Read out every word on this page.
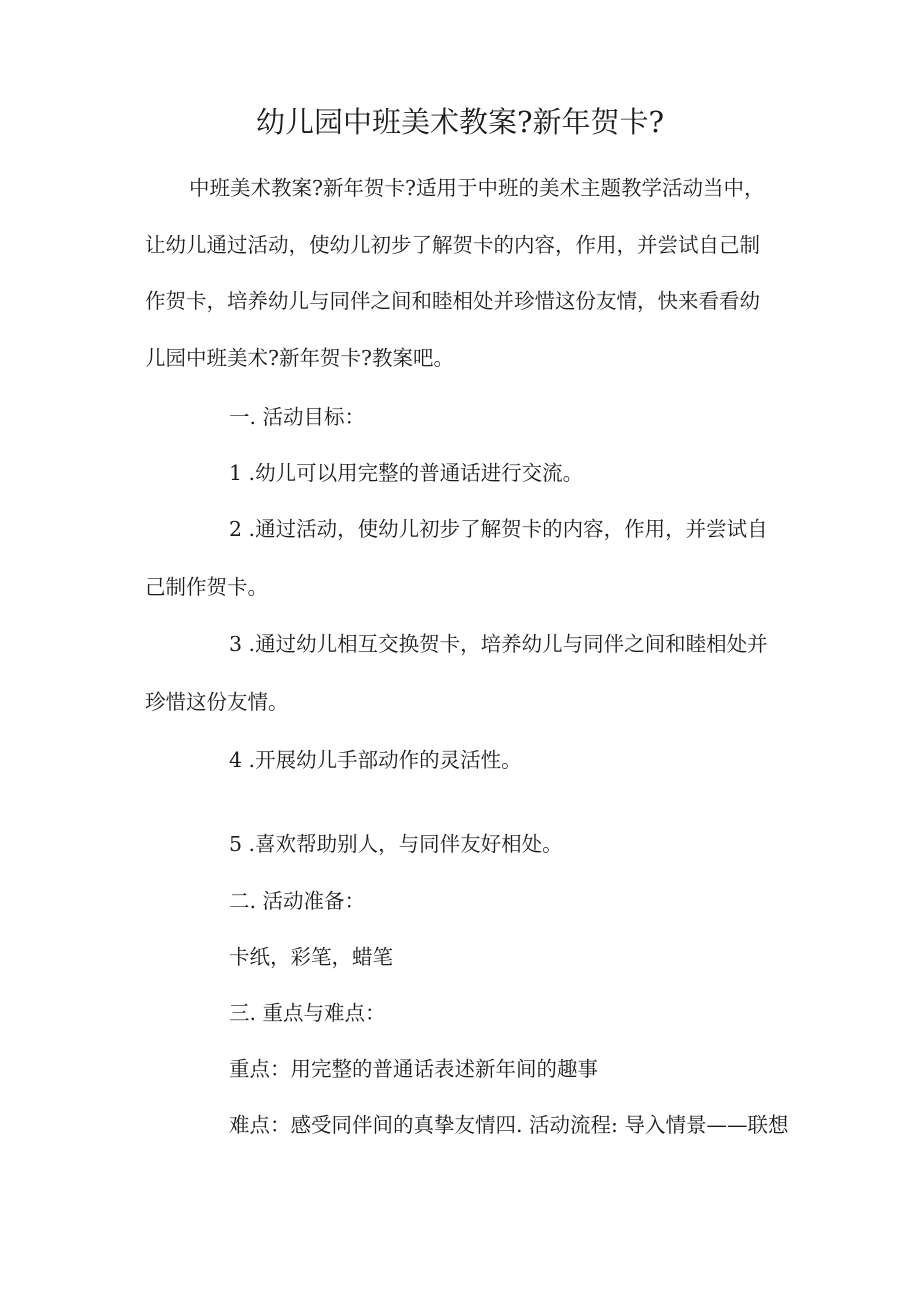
幼儿园中班美术教案?新年贺卡?

中班美术教案?新年贺卡?适用于中班的美术主题教学活动当中，让幼儿通过活动，使幼儿初步了解贺卡的内容，作用，并尝试自己制作贺卡，培养幼儿与同伴之间和睦相处并珍惜这份友情，快来看看幼儿园中班美术?新年贺卡?教案吧。

一. 活动目标：

1 .幼儿可以用完整的普通话进行交流。

2 .通过活动，使幼儿初步了解贺卡的内容，作用，并尝试自己制作贺卡。

3 .通过幼儿相互交换贺卡，培养幼儿与同伴之间和睦相处并珍惜这份友情。

4 .开展幼儿手部动作的灵活性。

5 .喜欢帮助别人，与同伴友好相处。

二. 活动准备：

卡纸，彩笔，蜡笔

三. 重点与难点：

重点：用完整的普通话表述新年间的趣事

难点：感受同伴间的真挚友情四. 活动流程: 导入情景——联想
